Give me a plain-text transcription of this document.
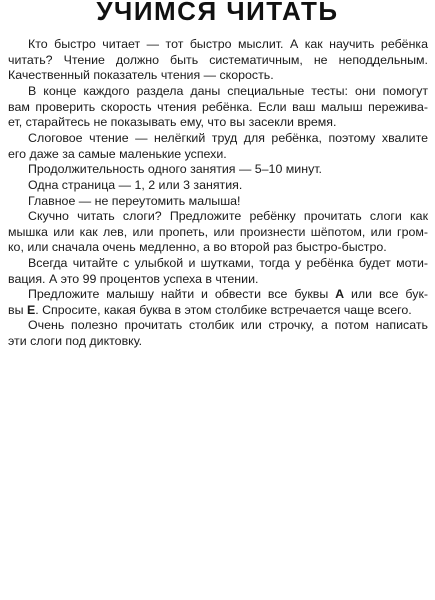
УЧИМСЯ ЧИТАТЬ
Кто быстро читает — тот быстро мыслит. А как научить ребёнка
читать? Чтение должно быть систематичным, не неподдельным.
Качественный показатель чтения — скорость.
В конце каждого раздела даны специальные тесты: они помогут
вам проверить скорость чтения ребёнка. Если ваш малыш пережива-
ет, старайтесь не показывать ему, что вы засекли время.
Слоговое чтение — нелёгкий труд для ребёнка, поэтому хвалите
его даже за самые маленькие успехи.
Продолжительность одного занятия — 5–10 минут.
Одна страница — 1, 2 или 3 занятия.
Главное — не переутомить малыша!
Скучно читать слоги? Предложите ребёнку прочитать слоги как
мышка или как лев, или пропеть, или произнести шёпотом, или гром-
ко, или сначала очень медленно, а во второй раз быстро-быстро.
Всегда читайте с улыбкой и шутками, тогда у ребёнка будет моти-
вация. А это 99 процентов успеха в чтении.
Предложите малышу найти и обвести все буквы А или все бук-
вы Е. Спросите, какая буква в этом столбике встречается чаще всего.
Очень полезно прочитать столбик или строчку, а потом написать
эти слоги под диктовку.
